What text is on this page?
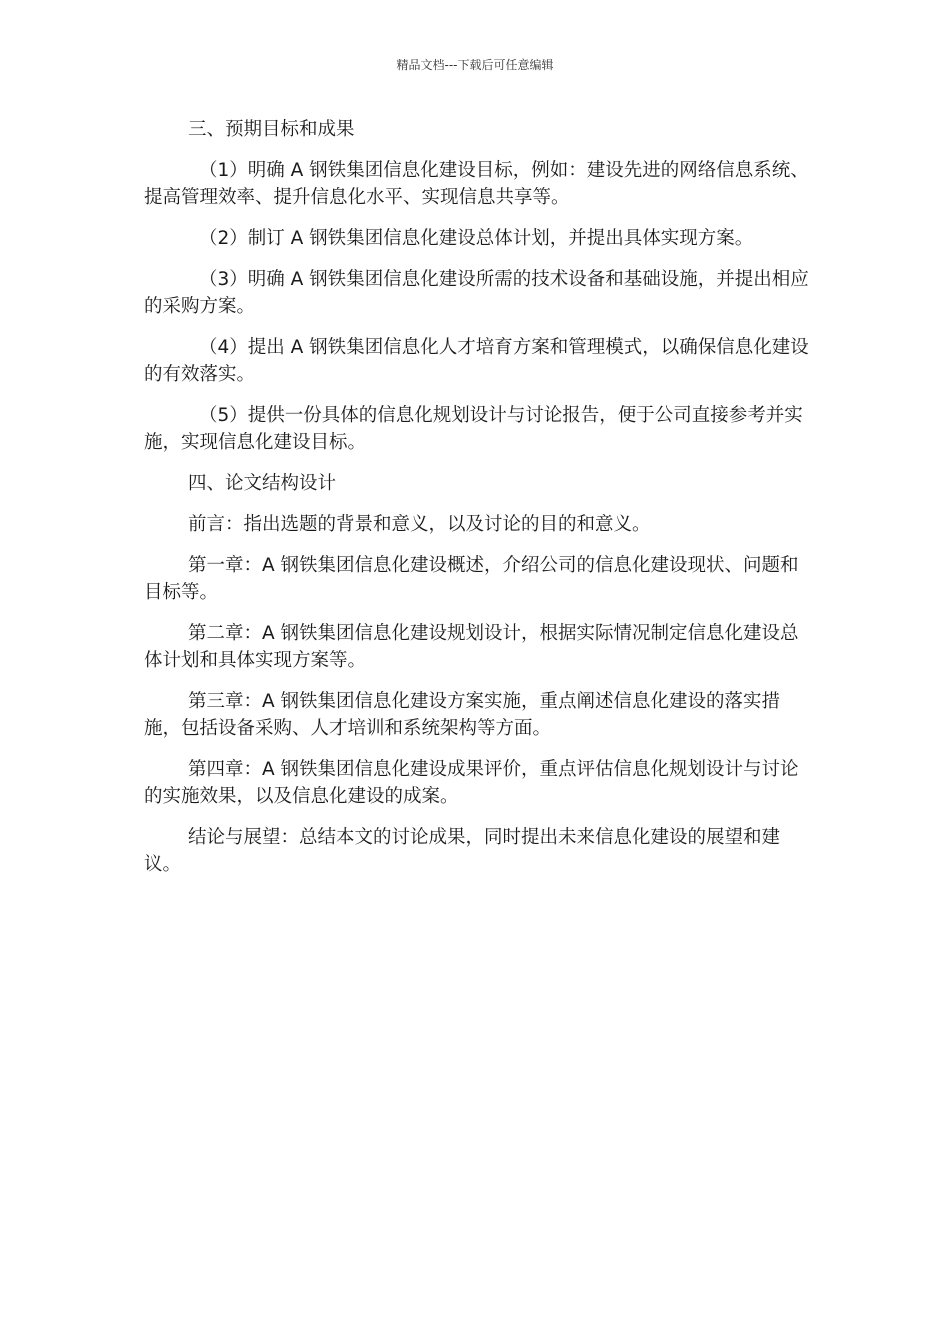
精品文档---下载后可任意编辑

三、预期目标和成果

（1）明确 A 钢铁集团信息化建设目标，例如：建设先进的网络信息系统、提高管理效率、提升信息化水平、实现信息共享等。

（2）制订 A 钢铁集团信息化建设总体计划，并提出具体实现方案。

（3）明确 A 钢铁集团信息化建设所需的技术设备和基础设施，并提出相应的采购方案。

（4）提出 A 钢铁集团信息化人才培育方案和管理模式，以确保信息化建设的有效落实。

（5）提供一份具体的信息化规划设计与讨论报告，便于公司直接参考并实施，实现信息化建设目标。

四、论文结构设计

前言：指出选题的背景和意义，以及讨论的目的和意义。

第一章：A 钢铁集团信息化建设概述，介绍公司的信息化建设现状、问题和目标等。

第二章：A 钢铁集团信息化建设规划设计，根据实际情况制定信息化建设总体计划和具体实现方案等。

第三章：A 钢铁集团信息化建设方案实施，重点阐述信息化建设的落实措施，包括设备采购、人才培训和系统架构等方面。

第四章：A 钢铁集团信息化建设成果评价，重点评估信息化规划设计与讨论的实施效果，以及信息化建设的成案。

结论与展望：总结本文的讨论成果，同时提出未来信息化建设的展望和建议。
